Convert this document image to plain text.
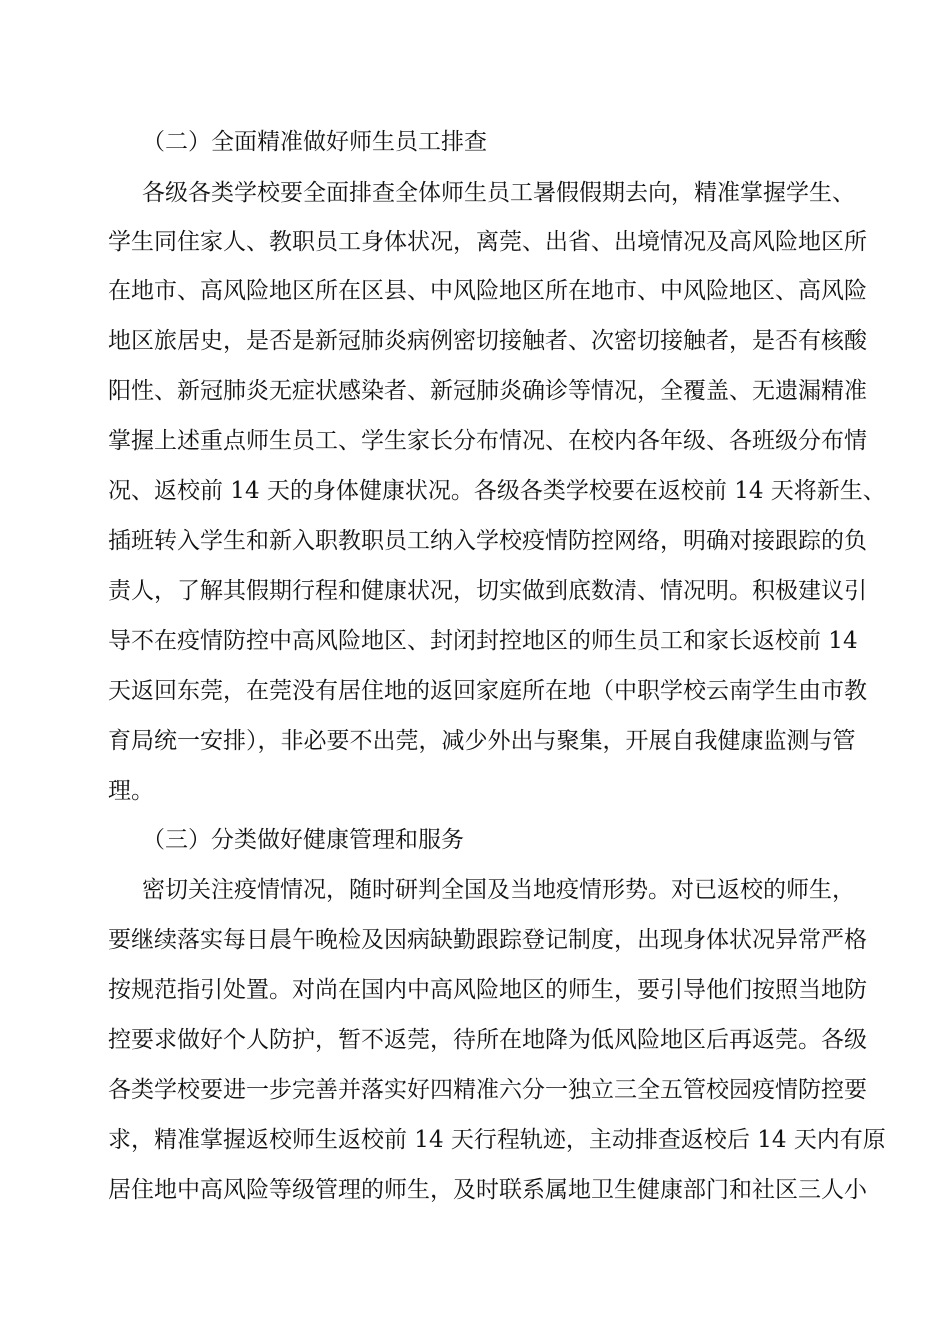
（二）全面精准做好师生员工排查
各级各类学校要全面排查全体师生员工暑假假期去向，精准掌握学生、
学生同住家人、教职员工身体状况，离莞、出省、出境情况及高风险地区所
在地市、高风险地区所在区县、中风险地区所在地市、中风险地区、高风险
地区旅居史，是否是新冠肺炎病例密切接触者、次密切接触者，是否有核酸
阳性、新冠肺炎无症状感染者、新冠肺炎确诊等情况，全覆盖、无遗漏精准
掌握上述重点师生员工、学生家长分布情况、在校内各年级、各班级分布情
况、返校前 14 天的身体健康状况。各级各类学校要在返校前 14 天将新生、
插班转入学生和新入职教职员工纳入学校疫情防控网络，明确对接跟踪的负
责人，了解其假期行程和健康状况，切实做到底数清、情况明。积极建议引
导不在疫情防控中高风险地区、封闭封控地区的师生员工和家长返校前 14
天返回东莞，在莞没有居住地的返回家庭所在地（中职学校云南学生由市教
育局统一安排），非必要不出莞，减少外出与聚集，开展自我健康监测与管
理。
（三）分类做好健康管理和服务
密切关注疫情情况，随时研判全国及当地疫情形势。对已返校的师生，
要继续落实每日晨午晚检及因病缺勤跟踪登记制度，出现身体状况异常严格
按规范指引处置。对尚在国内中高风险地区的师生，要引导他们按照当地防
控要求做好个人防护，暂不返莞，待所在地降为低风险地区后再返莞。各级
各类学校要进一步完善并落实好四精准六分一独立三全五管校园疫情防控要
求，精准掌握返校师生返校前 14 天行程轨迹，主动排查返校后 14 天内有原
居住地中高风险等级管理的师生，及时联系属地卫生健康部门和社区三人小
